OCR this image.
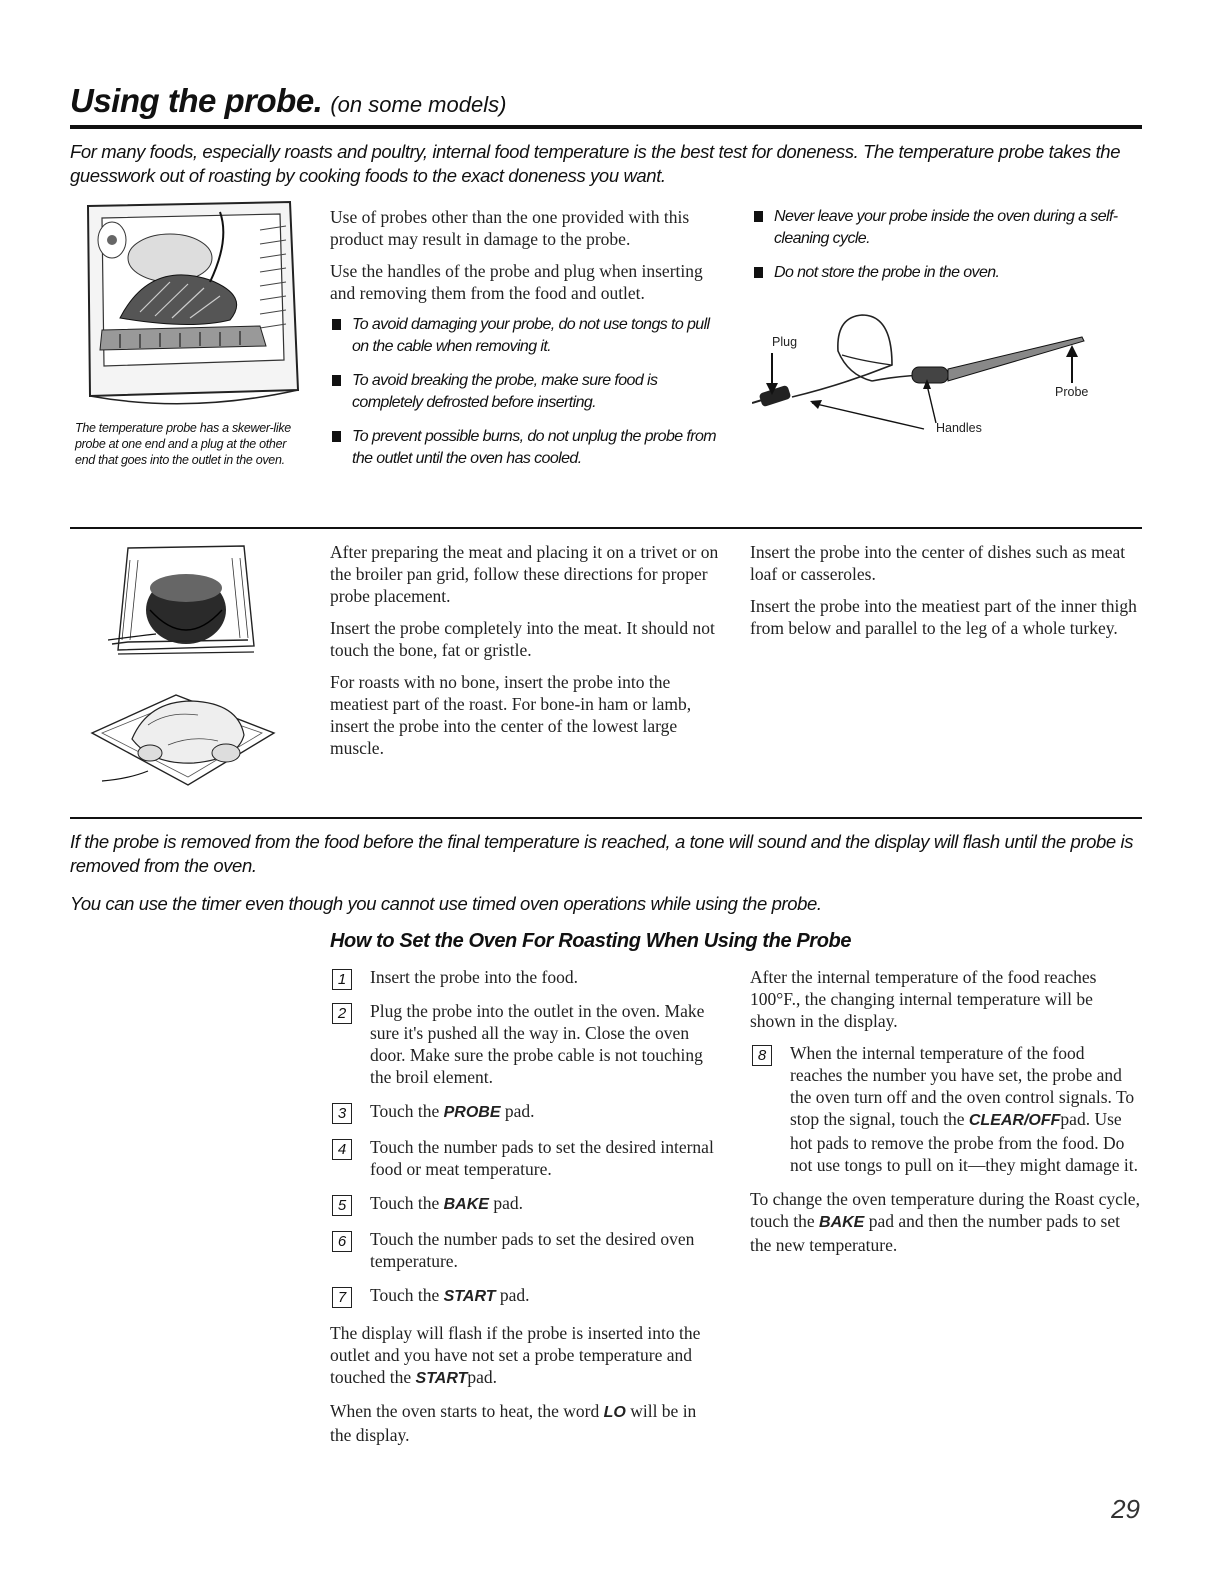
Using the probe. (on some models)
For many foods, especially roasts and poultry, internal food temperature is the best test for doneness. The temperature probe takes the guesswork out of roasting by cooking foods to the exact doneness you want.
The temperature probe has a skewer-like probe at one end and a plug at the other end that goes into the outlet in the oven.

Use of probes other than the one provided with this product may result in damage to the probe.

Use the handles of the probe and plug when inserting and removing them from the food and outlet.

To avoid damaging your probe, do not use tongs to pull on the cable when removing it.
To avoid breaking the probe, make sure food is completely defrosted before inserting.
To prevent possible burns, do not unplug the probe from the outlet until the oven has cooled.
Never leave your probe inside the oven during a self-cleaning cycle.
Do not store the probe in the oven.
Plug
Probe
Handles

After preparing the meat and placing it on a trivet or on the broiler pan grid, follow these directions for proper probe placement.

Insert the probe completely into the meat. It should not touch the bone, fat or gristle.

For roasts with no bone, insert the probe into the meatiest part of the roast. For bone-in ham or lamb, insert the probe into the center of the lowest large muscle.

Insert the probe into the center of dishes such as meat loaf or casseroles.

Insert the probe into the meatiest part of the inner thigh from below and parallel to the leg of a whole turkey.

If the probe is removed from the food before the final temperature is reached, a tone will sound and the display will flash until the probe is removed from the oven.
You can use the timer even though you cannot use timed oven operations while using the probe.
How to Set the Oven For Roasting When Using the Probe
1	Insert the probe into the food.
2	Plug the probe into the outlet in the oven. Make sure it's pushed all the way in. Close the oven door. Make sure the probe cable is not touching the broil element.
3	Touch the PROBE pad.
4	Touch the number pads to set the desired internal food or meat temperature.
5	Touch the BAKE pad.
6	Touch the number pads to set the desired oven temperature.
7	Touch the START pad.

The display will flash if the probe is inserted into the outlet and you have not set a probe temperature and touched the STARTpad.

When the oven starts to heat, the word LO will be in the display.

After the internal temperature of the food reaches 100°F., the changing internal temperature will be shown in the display.

8	When the internal temperature of the food reaches the number you have set, the probe and the oven turn off and the oven control signals. To stop the signal, touch the CLEAR/OFFpad. Use hot pads to remove the probe from the food. Do not use tongs to pull on it—they might damage it.

To change the oven temperature during the Roast cycle, touch the BAKE pad and then the number pads to set the new temperature.

29
